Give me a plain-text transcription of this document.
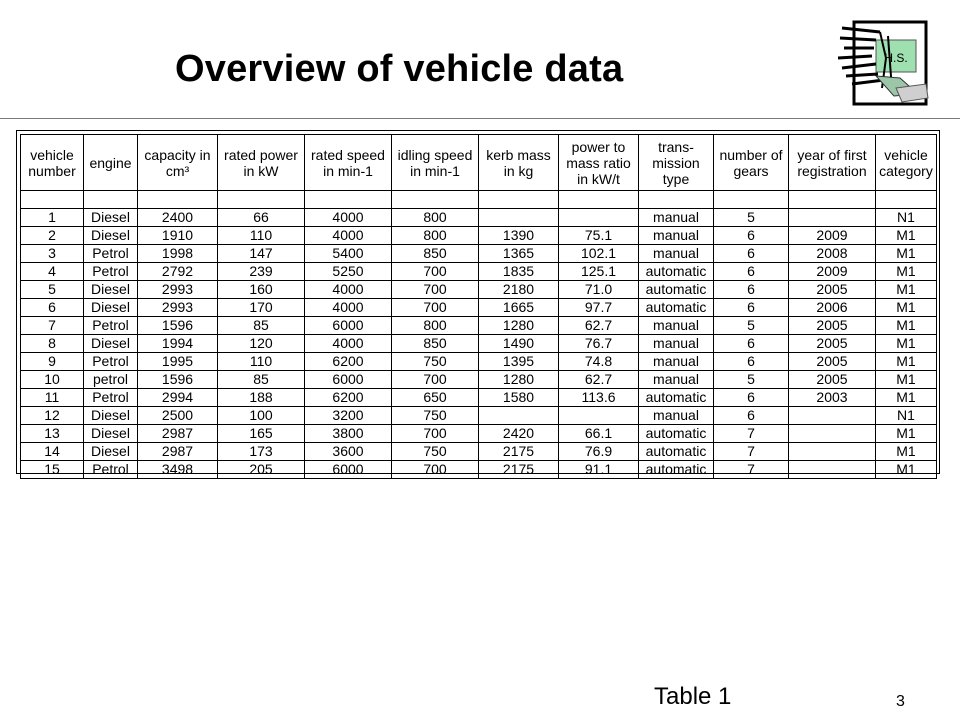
Overview of vehicle data	H.S.
vehicle number	engine	capacity in cm³	rated power in kW	rated speed in min-1	idling speed in min-1	kerb mass in kg	power to mass ratio in kW/t	trans-mission type	number of gears	year of first registration	vehicle category

1	Diesel	2400	66	4000	800			manual	5		N1
2	Diesel	1910	110	4000	800	1390	75.1	manual	6	2009	M1
3	Petrol	1998	147	5400	850	1365	102.1	manual	6	2008	M1
4	Petrol	2792	239	5250	700	1835	125.1	automatic	6	2009	M1
5	Diesel	2993	160	4000	700	2180	71.0	automatic	6	2005	M1
6	Diesel	2993	170	4000	700	1665	97.7	automatic	6	2006	M1
7	Petrol	1596	85	6000	800	1280	62.7	manual	5	2005	M1
8	Diesel	1994	120	4000	850	1490	76.7	manual	6	2005	M1
9	Petrol	1995	110	6200	750	1395	74.8	manual	6	2005	M1
10	petrol	1596	85	6000	700	1280	62.7	manual	5	2005	M1
11	Petrol	2994	188	6200	650	1580	113.6	automatic	6	2003	M1
12	Diesel	2500	100	3200	750			manual	6		N1
13	Diesel	2987	165	3800	700	2420	66.1	automatic	7		M1
14	Diesel	2987	173	3600	750	2175	76.9	automatic	7		M1
15	Petrol	3498	205	6000	700	2175	91.1	automatic	7		M1
Table 1	3
